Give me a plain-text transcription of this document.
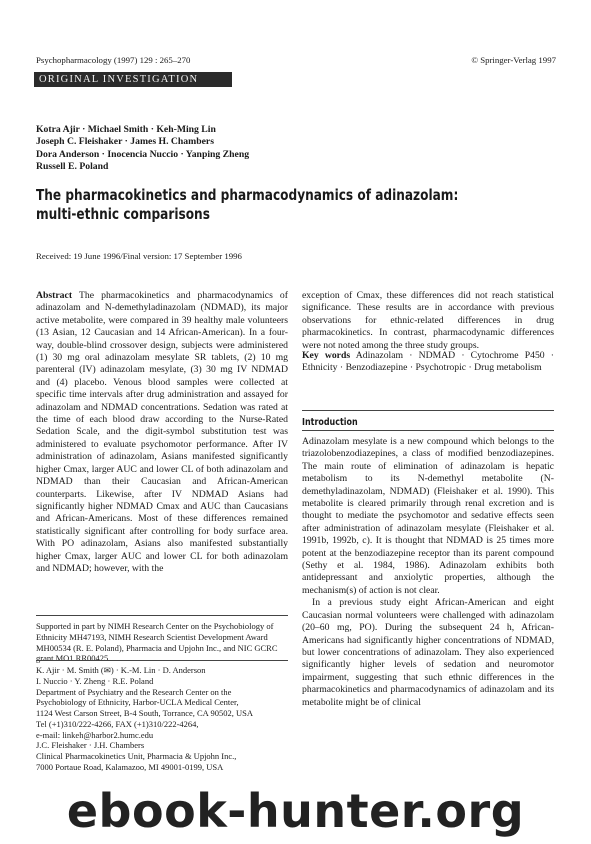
Psychopharmacology (1997) 129 : 265–270	© Springer-Verlag 1997
ORIGINAL INVESTIGATION
Kotra Ajir · Michael Smith · Keh-Ming Lin
Joseph C. Fleishaker · James H. Chambers
Dora Anderson · Inocencia Nuccio · Yanping Zheng
Russell E. Poland
The pharmacokinetics and pharmacodynamics of adinazolam:
multi-ethnic comparisons
Received: 19 June 1996/Final version: 17 September 1996
Abstract The pharmacokinetics and pharmacodynamics of adinazolam and N-demethyladinazolam (NDMAD), its major active metabolite, were compared in 39 healthy male volunteers (13 Asian, 12 Caucasian and 14 African-American). In a four-way, double-blind crossover design, subjects were administered (1) 30 mg oral adinazolam mesylate SR tablets, (2) 10 mg parenteral (IV) adinazolam mesylate, (3) 30 mg IV NDMAD and (4) placebo. Venous blood samples were collected at specific time intervals after drug administration and assayed for adinazolam and NDMAD concentrations. Sedation was rated at the time of each blood draw according to the Nurse-Rated Sedation Scale, and the digit-symbol substitution test was administered to evaluate psychomotor performance. After IV administration of adinazolam, Asians manifested significantly higher Cmax, larger AUC and lower CL of both adinazolam and NDMAD than their Caucasian and African-American counterparts. Likewise, after IV NDMAD Asians had significantly higher NDMAD Cmax and AUC than Caucasians and African-Americans. Most of these differences remained statistically significant after controlling for body surface area. With PO adinazolam, Asians also manifested substantially higher Cmax, larger AUC and lower CL for both adinazolam and NDMAD; however, with the
exception of Cmax, these differences did not reach statistical significance. These results are in accordance with previous observations for ethnic-related differences in drug pharmacokinetics. In contrast, pharmacodynamic differences were not noted among the three study groups.
Key words Adinazolam · NDMAD · Cytochrome P450 · Ethnicity · Benzodiazepine · Psychotropic · Drug metabolism
Introduction

Adinazolam mesylate is a new compound which belongs to the triazolobenzodiazepines, a class of modified benzodiazepines. The main route of elimination of adinazolam is hepatic metabolism to its N-demethyl metabolite (N-demethyladinazolam, NDMAD) (Fleishaker et al. 1990). This metabolite is cleared primarily through renal excretion and is thought to mediate the psychomotor and sedative effects seen after administration of adinazolam mesylate (Fleishaker et al. 1991b, 1992b, c). It is thought that NDMAD is 25 times more potent at the benzodiazepine receptor than its parent compound (Sethy et al. 1984, 1986). Adinazolam exhibits both antidepressant and anxiolytic properties, although the mechanism(s) of action is not clear.

In a previous study eight African-American and eight Caucasian normal volunteers were challenged with adinazolam (20–60 mg, PO). During the subsequent 24 h, African-Americans had significantly higher concentrations of NDMAD, but lower concentrations of adinazolam. They also experienced significantly higher levels of sedation and neuromotor impairment, suggesting that such ethnic differences in the pharmacokinetics and pharmacodynamics of adinazolam and its metabolite might be of clinical

Supported in part by NIMH Research Center on the Psychobiology of Ethnicity MH47193, NIMH Research Scientist Development Award MH00534 (R. E. Poland), Pharmacia and Upjohn Inc., and NIC GCRC grant MO1 RR00425
K. Ajir · M. Smith (✉) · K.-M. Lin · D. Anderson
I. Nuccio · Y. Zheng · R.E. Poland
Department of Psychiatry and the Research Center on the
Psychobiology of Ethnicity, Harbor-UCLA Medical Center,
1124 West Carson Street, B-4 South, Torrance, CA 90502, USA
Tel (+1)310/222-4266, FAX (+1)310/222-4264,
e-mail: linkeh@harbor2.humc.edu
J.C. Fleishaker · J.H. Chambers
Clinical Pharmacokinetics Unit, Pharmacia & Upjohn Inc.,
7000 Portaue Road, Kalamazoo, MI 49001-0199, USA
ebook-hunter.org
